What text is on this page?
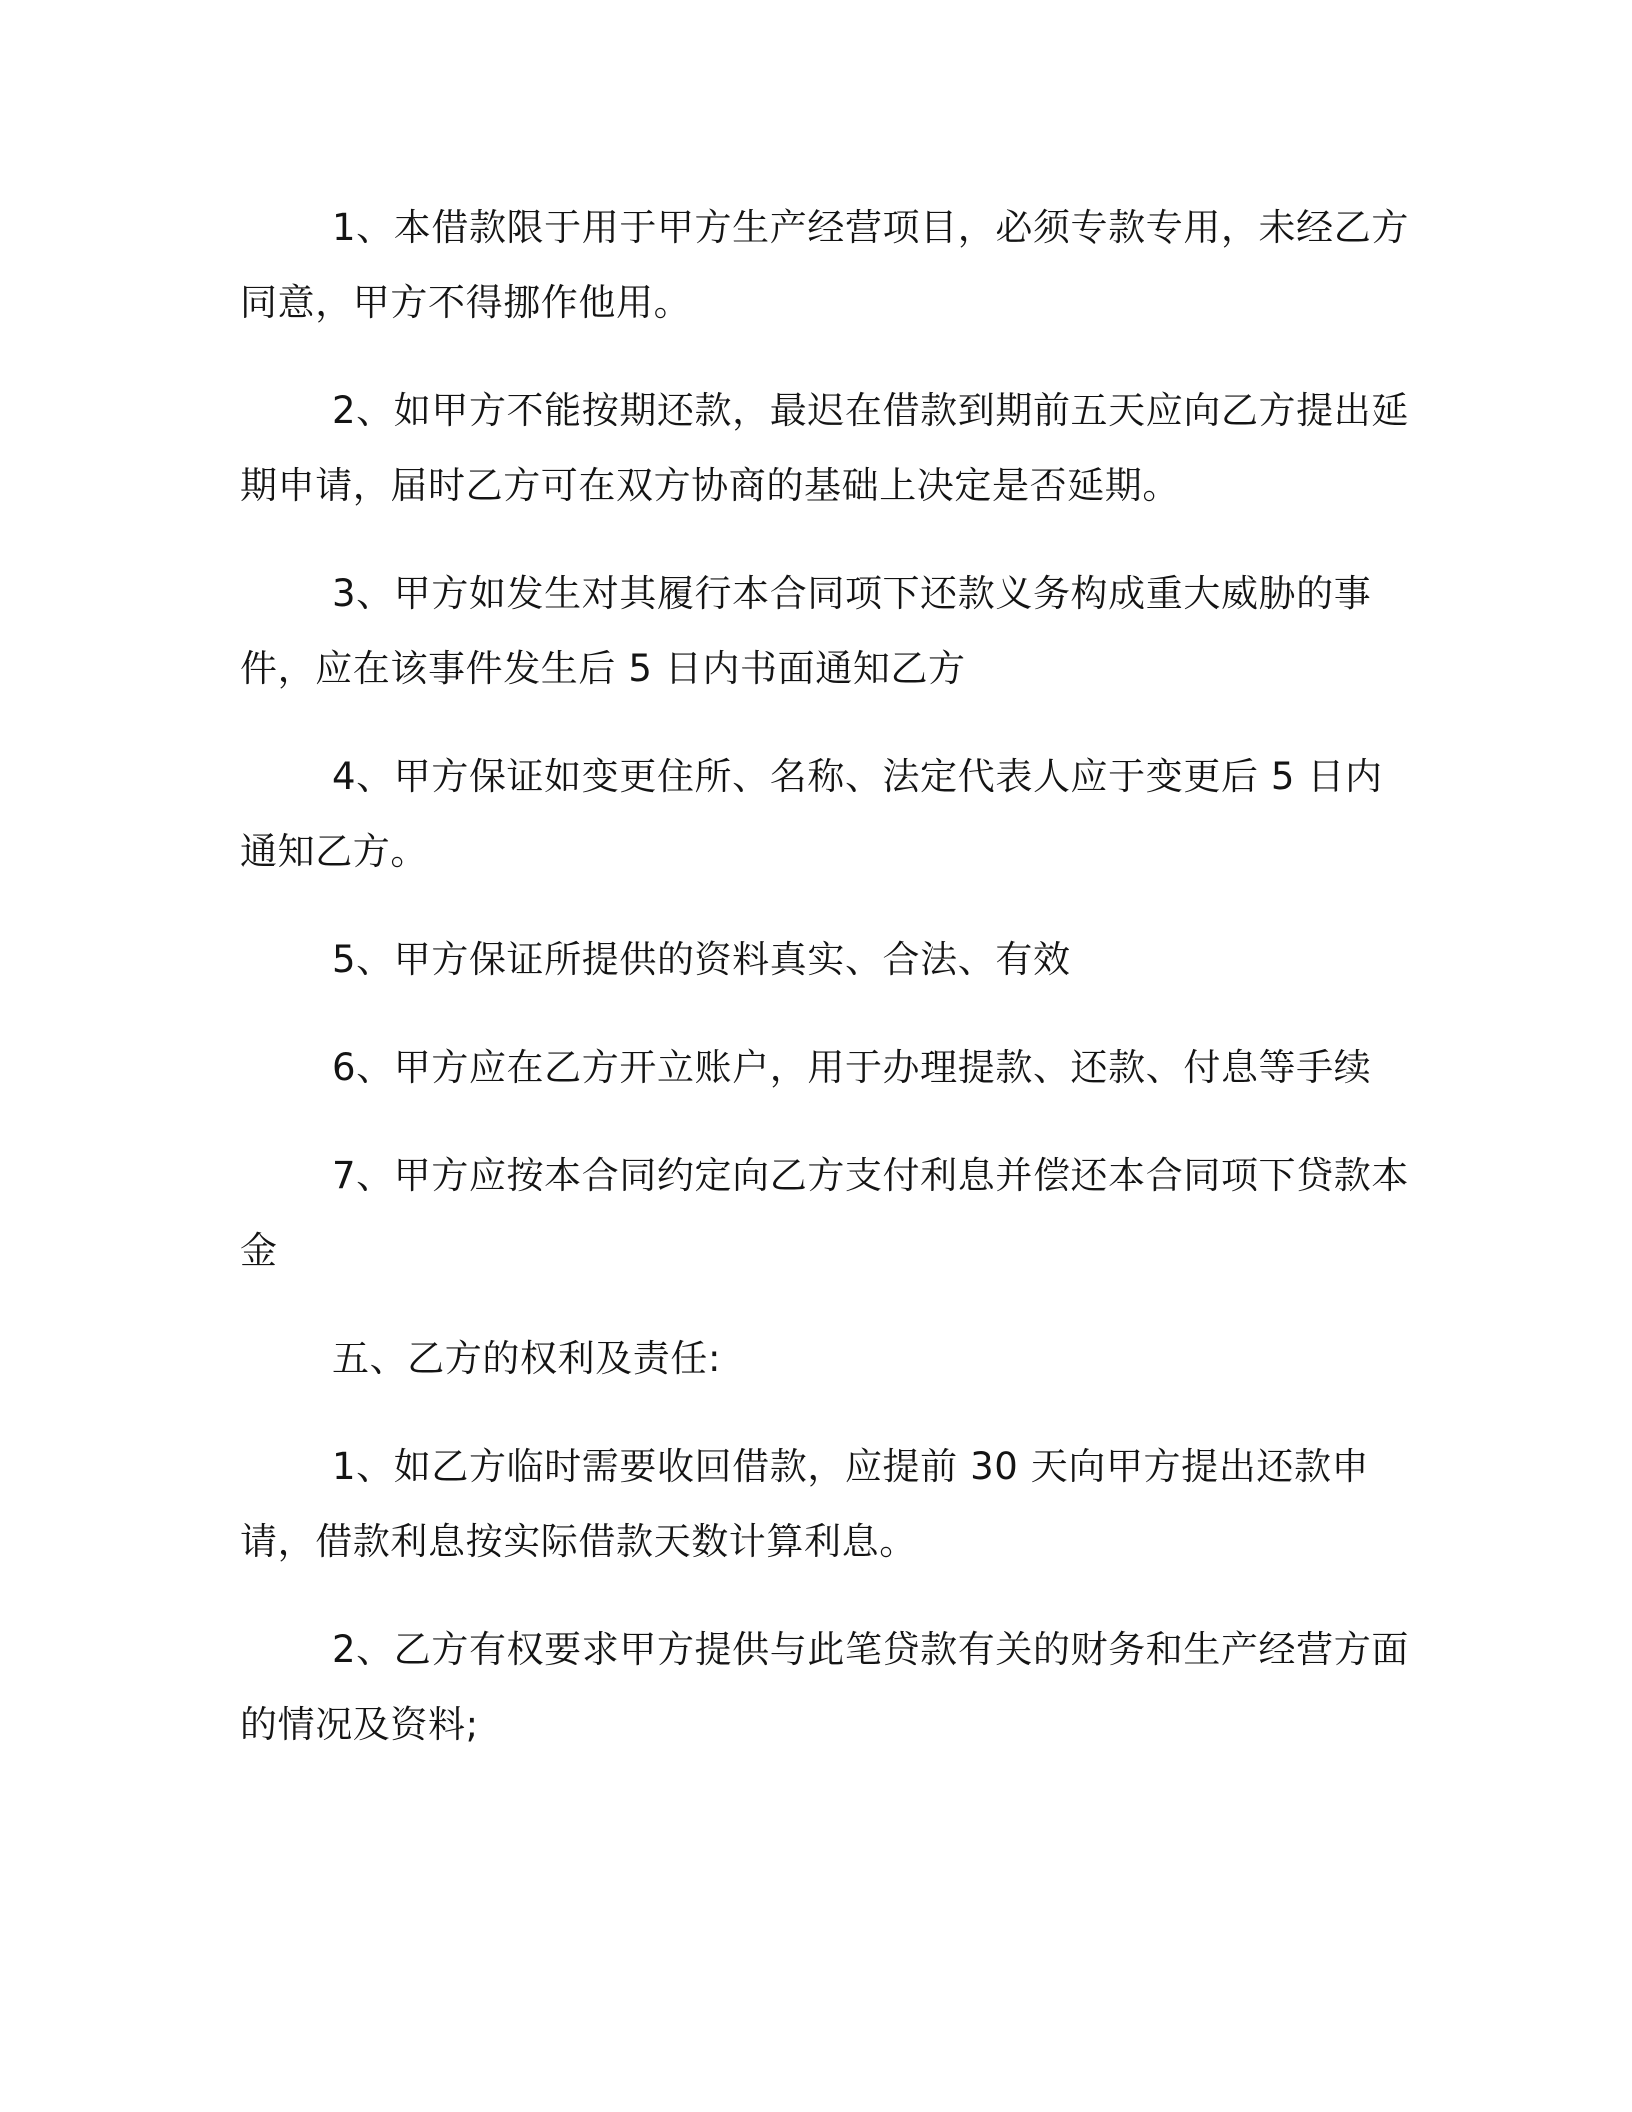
1、本借款限于用于甲方生产经营项目，必须专款专用，未经乙方同意，甲方不得挪作他用。

2、如甲方不能按期还款，最迟在借款到期前五天应向乙方提出延期申请，届时乙方可在双方协商的基础上决定是否延期。

3、甲方如发生对其履行本合同项下还款义务构成重大威胁的事件，应在该事件发生后 5 日内书面通知乙方

4、甲方保证如变更住所、名称、法定代表人应于变更后 5 日内通知乙方。

5、甲方保证所提供的资料真实、合法、有效

6、甲方应在乙方开立账户，用于办理提款、还款、付息等手续

7、甲方应按本合同约定向乙方支付利息并偿还本合同项下贷款本金

五、乙方的权利及责任:

1、如乙方临时需要收回借款，应提前 30 天向甲方提出还款申请，借款利息按实际借款天数计算利息。

2、乙方有权要求甲方提供与此笔贷款有关的财务和生产经营方面的情况及资料;
